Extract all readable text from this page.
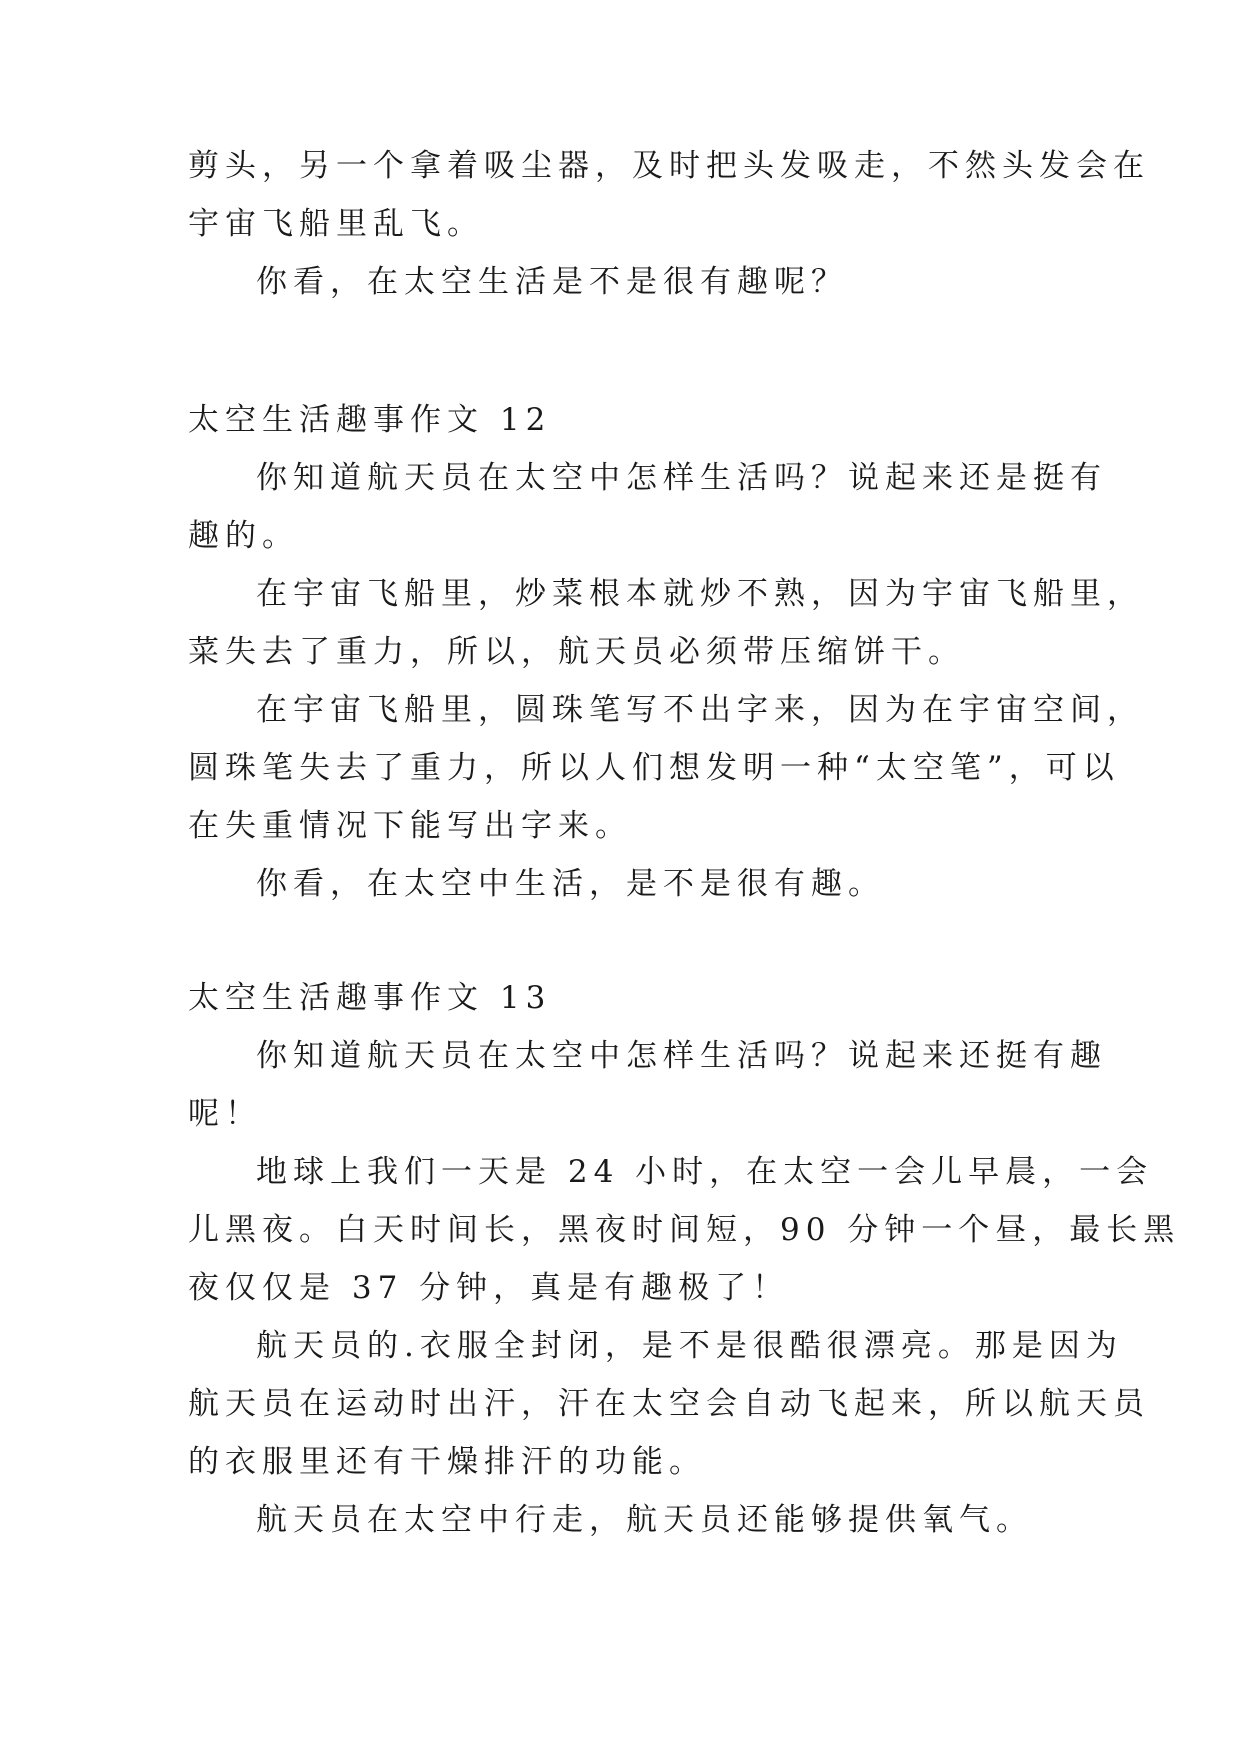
剪头，另一个拿着吸尘器，及时把头发吸走，不然头发会在
宇宙飞船里乱飞。
你看，在太空生活是不是很有趣呢？
太空生活趣事作文 12
你知道航天员在太空中怎样生活吗？说起来还是挺有
趣的。
在宇宙飞船里，炒菜根本就炒不熟，因为宇宙飞船里，
菜失去了重力，所以，航天员必须带压缩饼干。
在宇宙飞船里，圆珠笔写不出字来，因为在宇宙空间，
圆珠笔失去了重力，所以人们想发明一种“太空笔”，可以
在失重情况下能写出字来。
你看，在太空中生活，是不是很有趣。
太空生活趣事作文 13
你知道航天员在太空中怎样生活吗？说起来还挺有趣
呢！
地球上我们一天是 24 小时，在太空一会儿早晨，一会
儿黑夜。白天时间长，黑夜时间短，90 分钟一个昼，最长黑
夜仅仅是 37 分钟，真是有趣极了！
航天员的.衣服全封闭，是不是很酷很漂亮。那是因为
航天员在运动时出汗，汗在太空会自动飞起来，所以航天员
的衣服里还有干燥排汗的功能。
航天员在太空中行走，航天员还能够提供氧气。
